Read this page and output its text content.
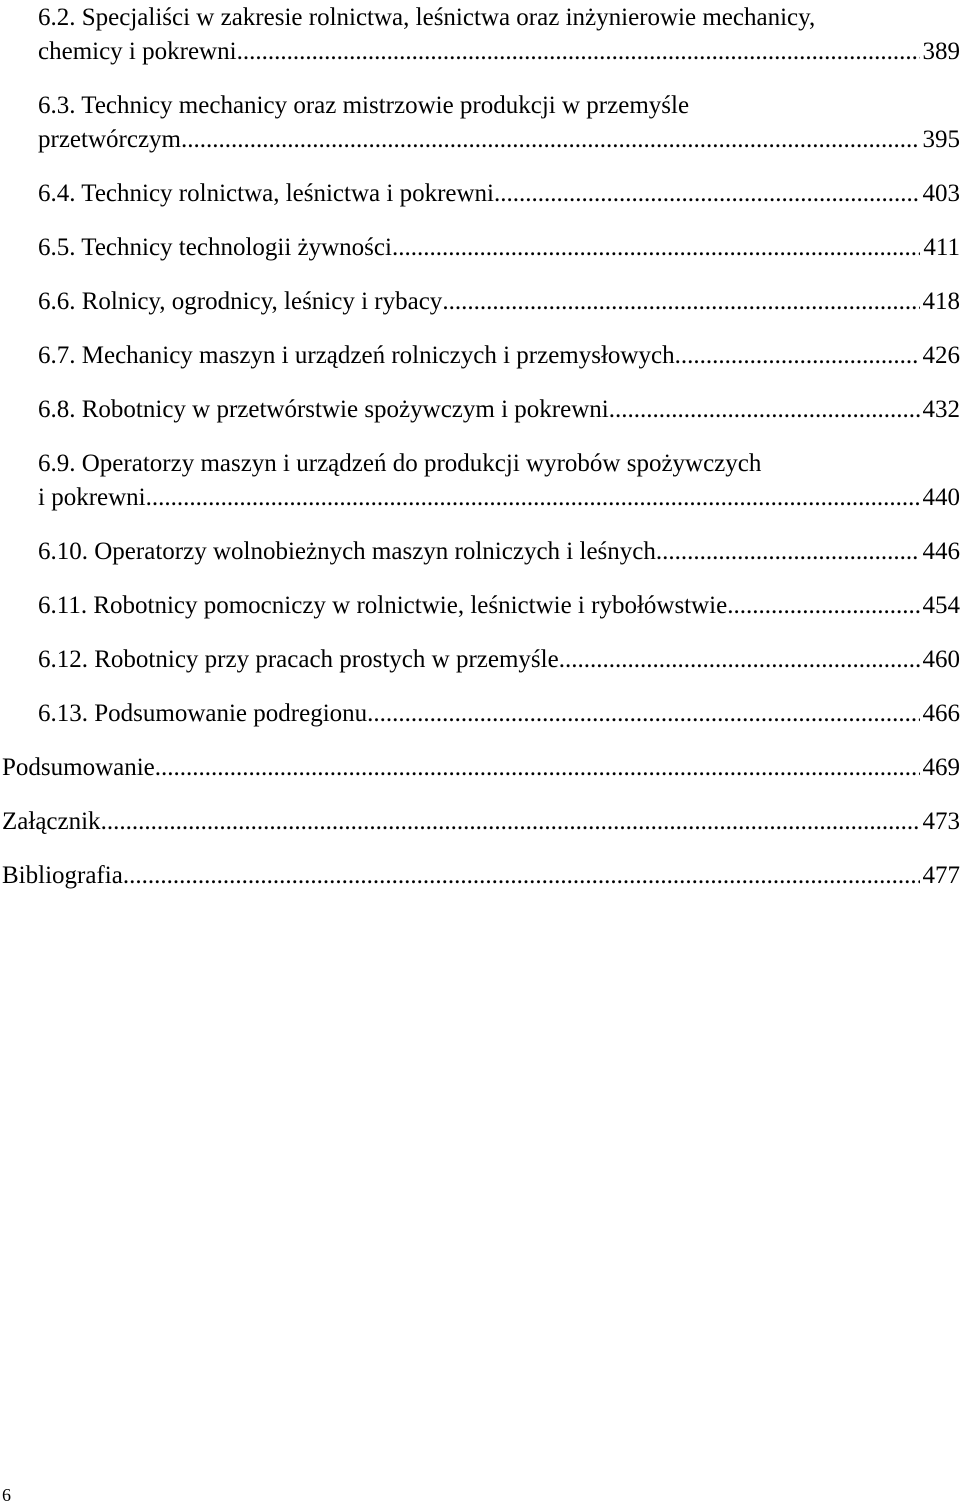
6.2. Specjaliści w zakresie rolnictwa, leśnictwa oraz inżynierowie mechanicy,
chemicy i pokrewni .....	389
6.3. Technicy mechanicy oraz mistrzowie produkcji w przemyśle
przetwórczym .....	395
6.4. Technicy rolnictwa, leśnictwa i pokrewni .....	403
6.5. Technicy technologii żywności .....	411
6.6. Rolnicy, ogrodnicy, leśnicy i rybacy .....	418
6.7. Mechanicy maszyn i urządzeń rolniczych i przemysłowych .....	426
6.8. Robotnicy w przetwórstwie spożywczym i pokrewni .....	432
6.9. Operatorzy maszyn i urządzeń do produkcji wyrobów spożywczych
i pokrewni .....	440
6.10. Operatorzy wolnobieżnych maszyn rolniczych i leśnych .....	446
6.11. Robotnicy pomocniczy w rolnictwie, leśnictwie i rybołówstwie .....	454
6.12. Robotnicy przy pracach prostych w przemyśle .....	460
6.13. Podsumowanie podregionu .....	466
Podsumowanie .....	469
Załącznik .....	473
Bibliografia .....	477
6
